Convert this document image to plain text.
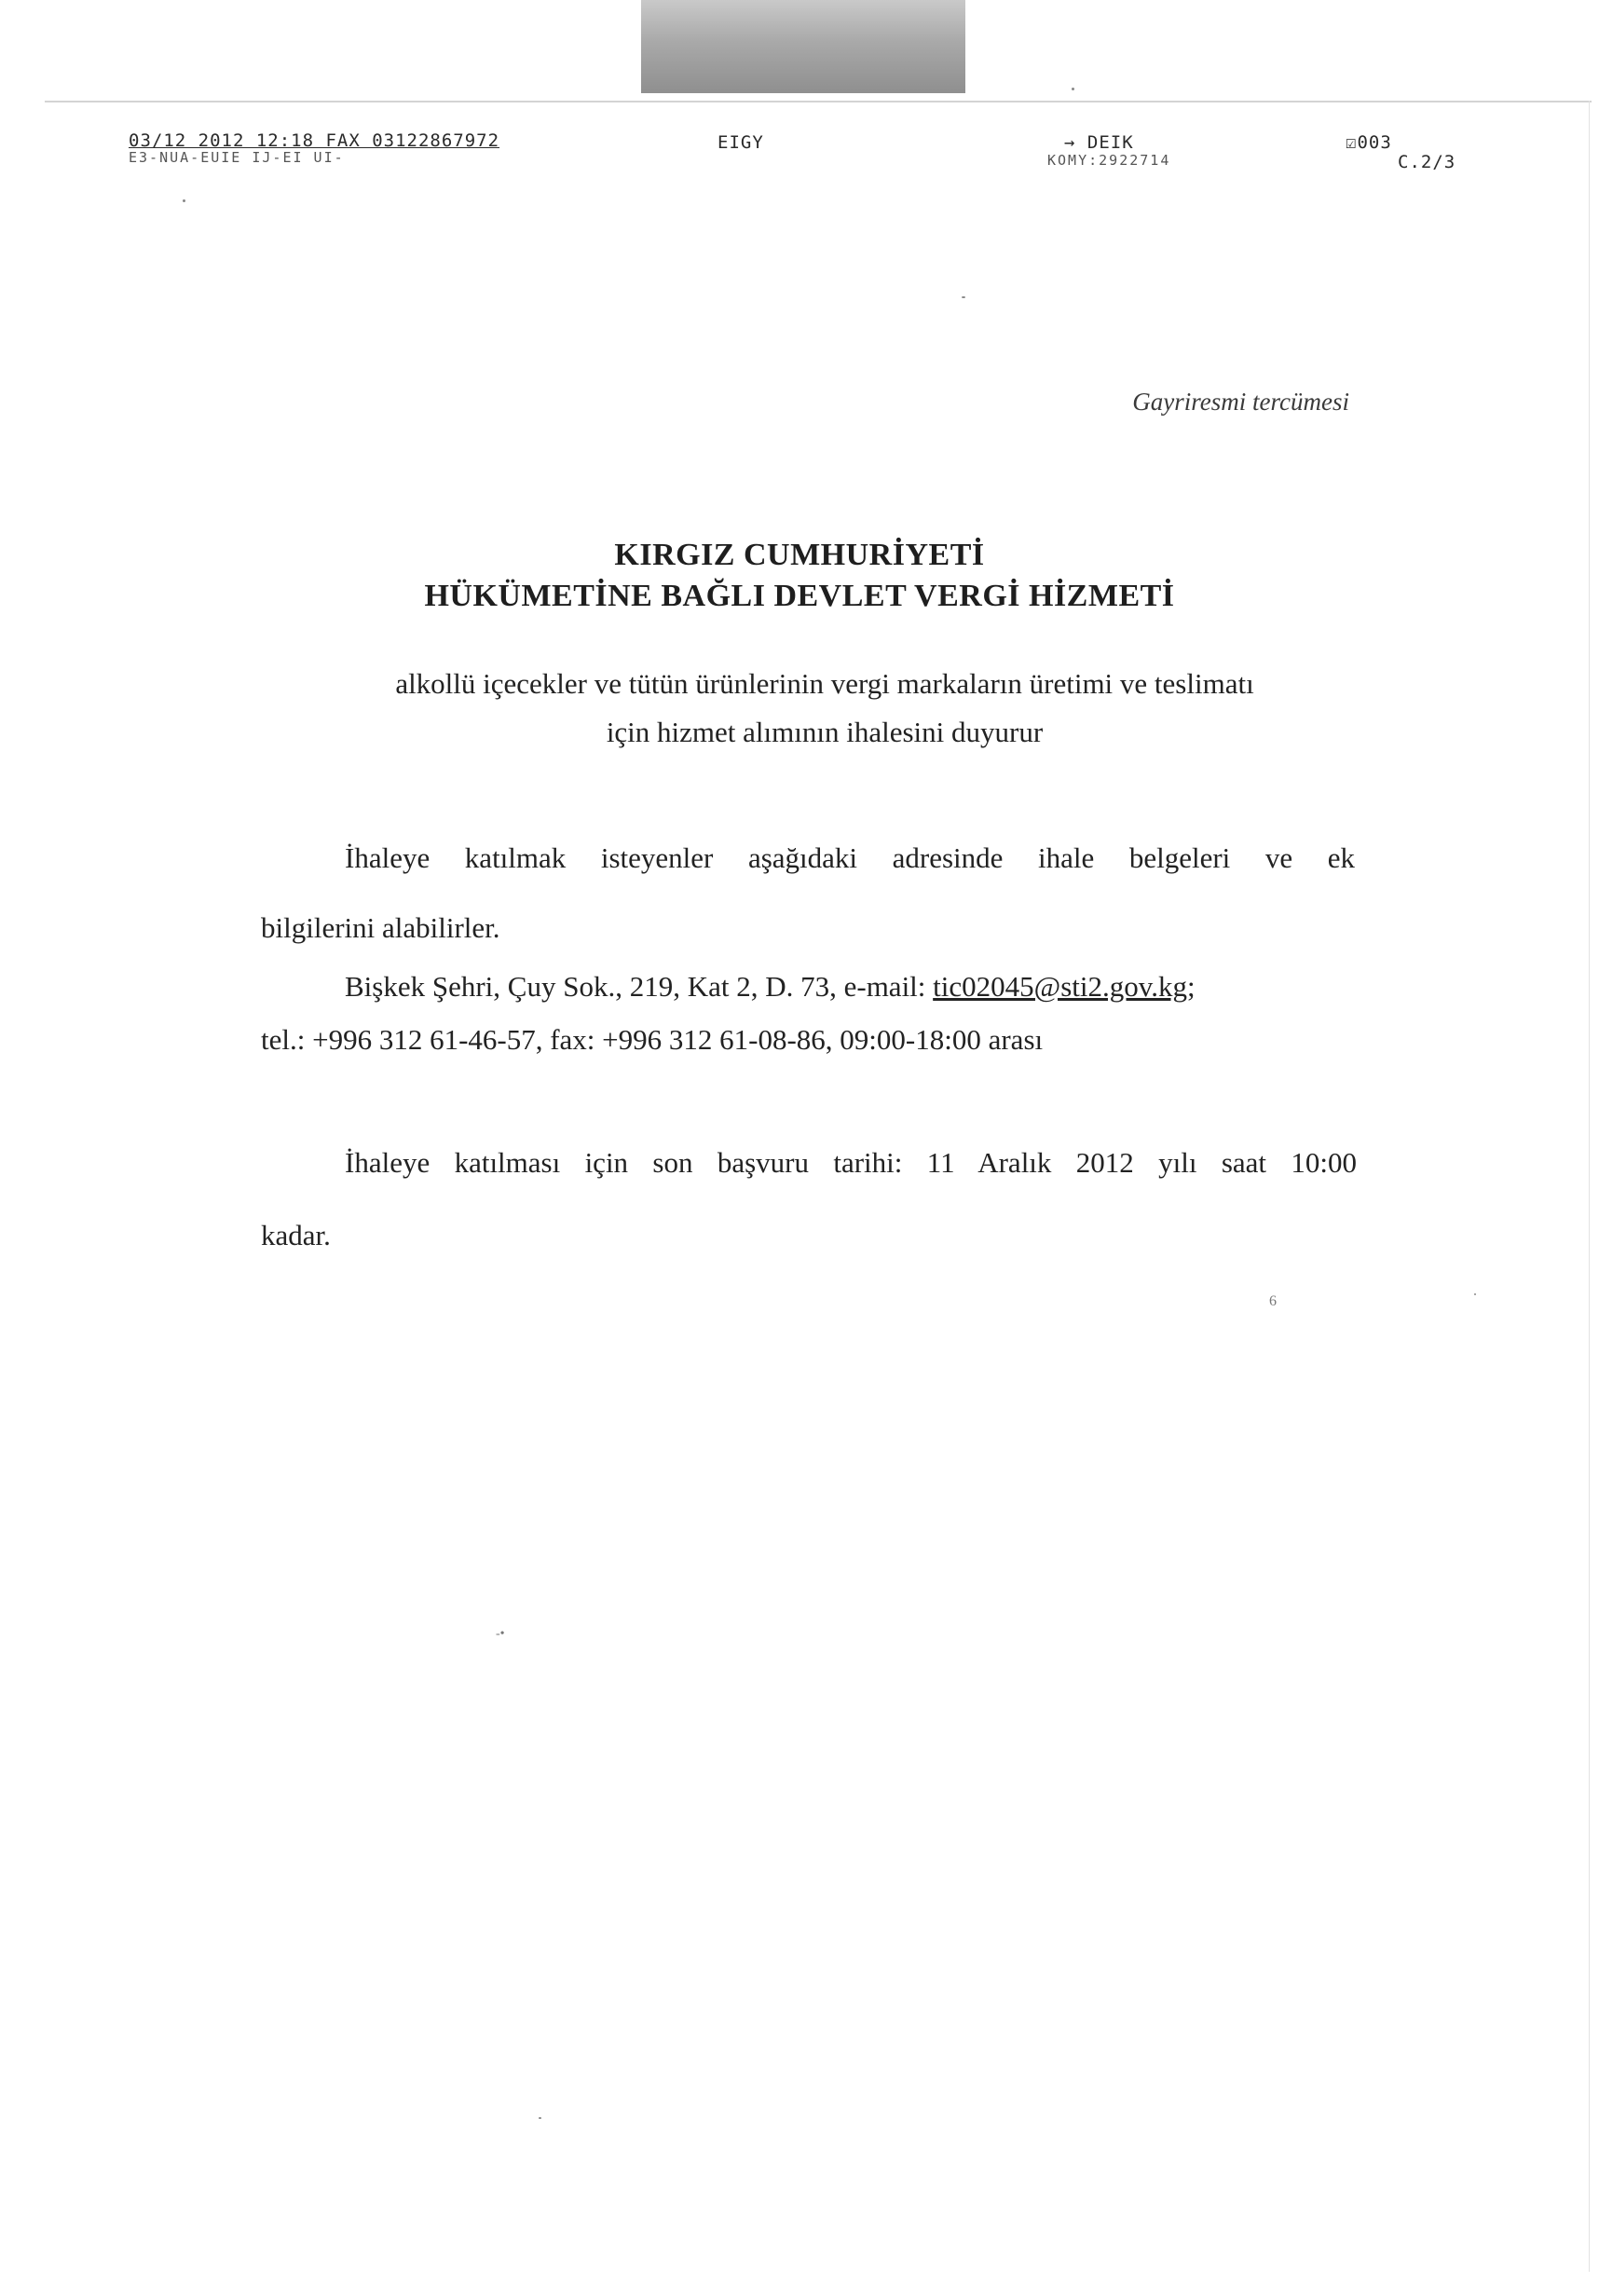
03/12 2012 12:18 FAX 03122867972
E3-NUA-EUIE IJ-EI UI-
EIGY	→ DEIK
KOMY:2922714
☑003
C.2/3
Gayriresmi tercümesi
KIRGIZ CUMHURİYETİ
HÜKÜMETİNE BAĞLI DEVLET VERGİ HİZMETİ
alkollü içecekler ve tütün ürünlerinin vergi markaların üretimi ve teslimatı
için hizmet alımının ihalesini duyurur
İhaleye katılmak isteyenler aşağıdaki adresinde ihale belgeleri ve ek
bilgilerini alabilirler.
Bişkek Şehri, Çuy Sok., 219, Kat 2, D. 73, e-mail: tic02045@sti2.gov.kg;
tel.: +996 312 61-46-57, fax: +996 312 61-08-86, 09:00-18:00 arası
İhaleye katılması için son başvuru tarihi: 11 Aralık 2012 yılı saat 10:00
kadar.
6
-•
